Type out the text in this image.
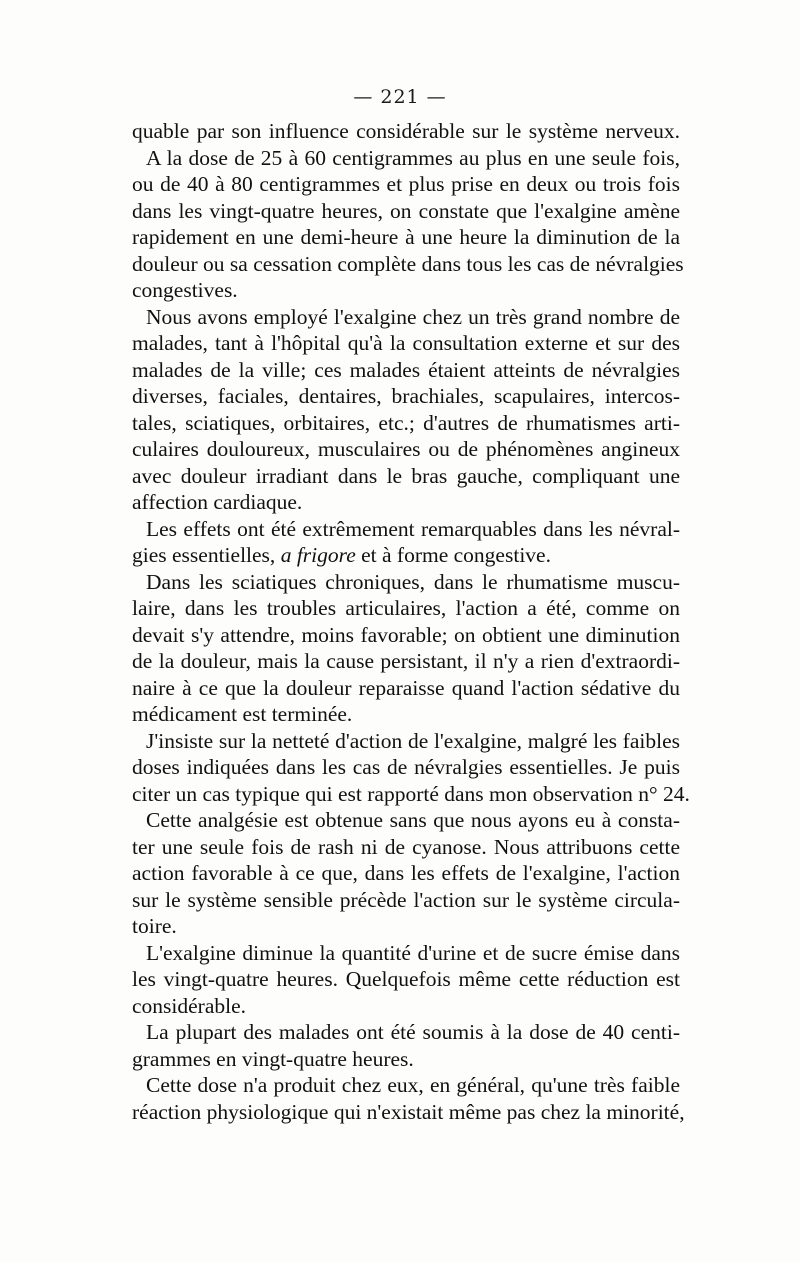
— 221 —
quable par son influence considérable sur le système nerveux.
A la dose de 25 à 60 centigrammes au plus en une seule fois,
ou de 40 à 80 centigrammes et plus prise en deux ou trois fois
dans les vingt-quatre heures, on constate que l'exalgine amène
rapidement en une demi-heure à une heure la diminution de la
douleur ou sa cessation complète dans tous les cas de névralgies
congestives.
Nous avons employé l'exalgine chez un très grand nombre de
malades, tant à l'hôpital qu'à la consultation externe et sur des
malades de la ville; ces malades étaient atteints de névralgies
diverses, faciales, dentaires, brachiales, scapulaires, intercos-
tales, sciatiques, orbitaires, etc.; d'autres de rhumatismes arti-
culaires douloureux, musculaires ou de phénomènes angineux
avec douleur irradiant dans le bras gauche, compliquant une
affection cardiaque.
Les effets ont été extrêmement remarquables dans les névral-
gies essentielles, a frigore et à forme congestive.
Dans les sciatiques chroniques, dans le rhumatisme muscu-
laire, dans les troubles articulaires, l'action a été, comme on
devait s'y attendre, moins favorable; on obtient une diminution
de la douleur, mais la cause persistant, il n'y a rien d'extraordi-
naire à ce que la douleur reparaisse quand l'action sédative du
médicament est terminée.
J'insiste sur la netteté d'action de l'exalgine, malgré les faibles
doses indiquées dans les cas de névralgies essentielles. Je puis
citer un cas typique qui est rapporté dans mon observation n° 24.
Cette analgésie est obtenue sans que nous ayons eu à consta-
ter une seule fois de rash ni de cyanose. Nous attribuons cette
action favorable à ce que, dans les effets de l'exalgine, l'action
sur le système sensible précède l'action sur le système circula-
toire.
L'exalgine diminue la quantité d'urine et de sucre émise dans
les vingt-quatre heures. Quelquefois même cette réduction est
considérable.
La plupart des malades ont été soumis à la dose de 40 centi-
grammes en vingt-quatre heures.
Cette dose n'a produit chez eux, en général, qu'une très faible
réaction physiologique qui n'existait même pas chez la minorité,
